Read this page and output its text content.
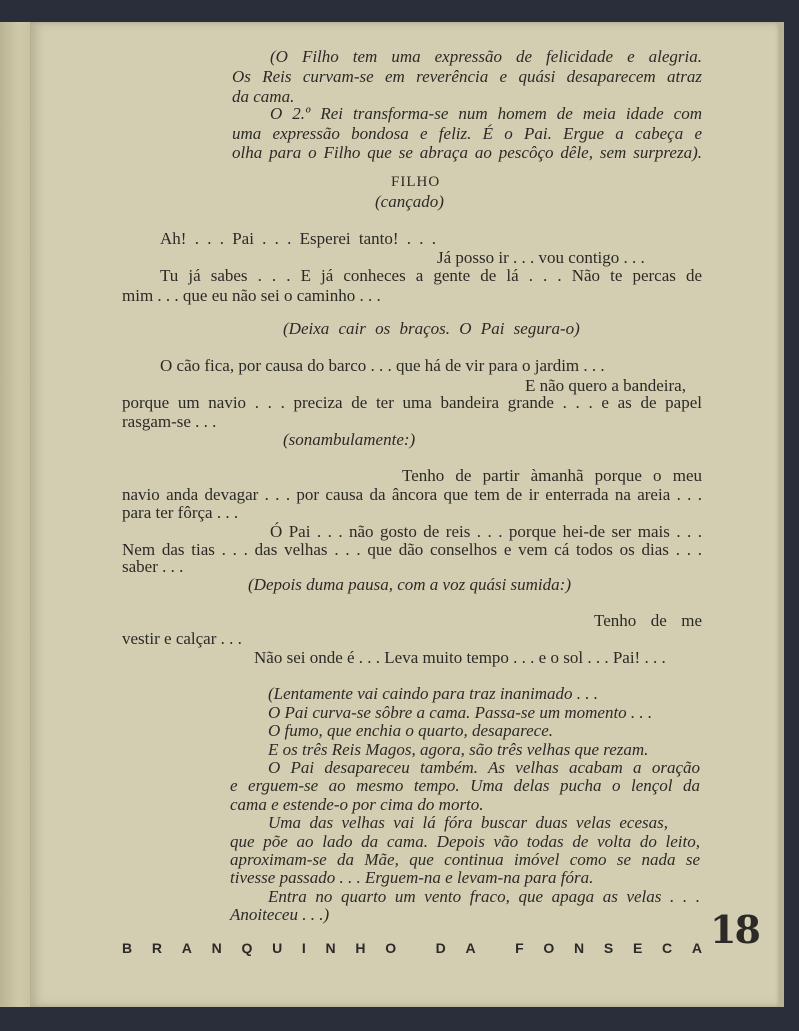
(O Filho tem uma expressão de felicidade e alegria.
Os Reis curvam-se em reverência e quási desaparecem atraz
da cama.
O 2.º Rei transforma-se num homem de meia idade com
uma expressão bondosa e feliz. É o Pai. Ergue a cabeça e
olha para o Filho que se abraça ao pescôço dêle, sem surpreza).
FILHO
(cançado)
Ah! . . . Pai . . . Esperei tanto! . . .
Já posso ir . . . vou contigo . . .
Tu já sabes . . . E já conheces a gente de lá . . . Não te percas de
mim . . . que eu não sei o caminho . . .
(Deixa cair os braços. O Pai segura-o)
O cão fica, por causa do barco . . . que há de vir para o jardim . . .
E não quero a bandeira,
porque um navio . . . preciza de ter uma bandeira grande . . . e as de papel
rasgam-se . . .
(sonambulamente:)
Tenho de partir àmanhã porque o meu
navio anda devagar . . . por causa da âncora que tem de ir enterrada na areia . . .
para ter fôrça . . .
Ó Pai . . . não gosto de reis . . . porque hei-de ser mais . . .
Nem das tias . . . das velhas . . . que dão conselhos e vem cá todos os dias . . .
saber . . .
(Depois duma pausa, com a voz quási sumida:)
Tenho de me
vestir e calçar . . .
Não sei onde é . . . Leva muito tempo . . . e o sol . . . Pai! . . .
(Lentamente vai caindo para traz inanimado . . .
O Pai curva-se sôbre a cama. Passa-se um momento . . .
O fumo, que enchia o quarto, desaparece.
E os três Reis Magos, agora, são três velhas que rezam.
O Pai desapareceu também. As velhas acabam a oração
e erguem-se ao mesmo tempo. Uma delas pucha o lençol da
cama e estende-o por cima do morto.
Uma das velhas vai lá fóra buscar duas velas ecesas,
que põe ao lado da cama. Depois vão todas de volta do leito,
aproximam-se da Mãe, que continua imóvel como se nada se
tivesse passado . . . Erguem-na e levam-na para fóra.
Entra no quarto um vento fraco, que apaga as velas . . .
Anoiteceu . . .)
B R A N Q U I N H O	D A	F O N S E C A 18
